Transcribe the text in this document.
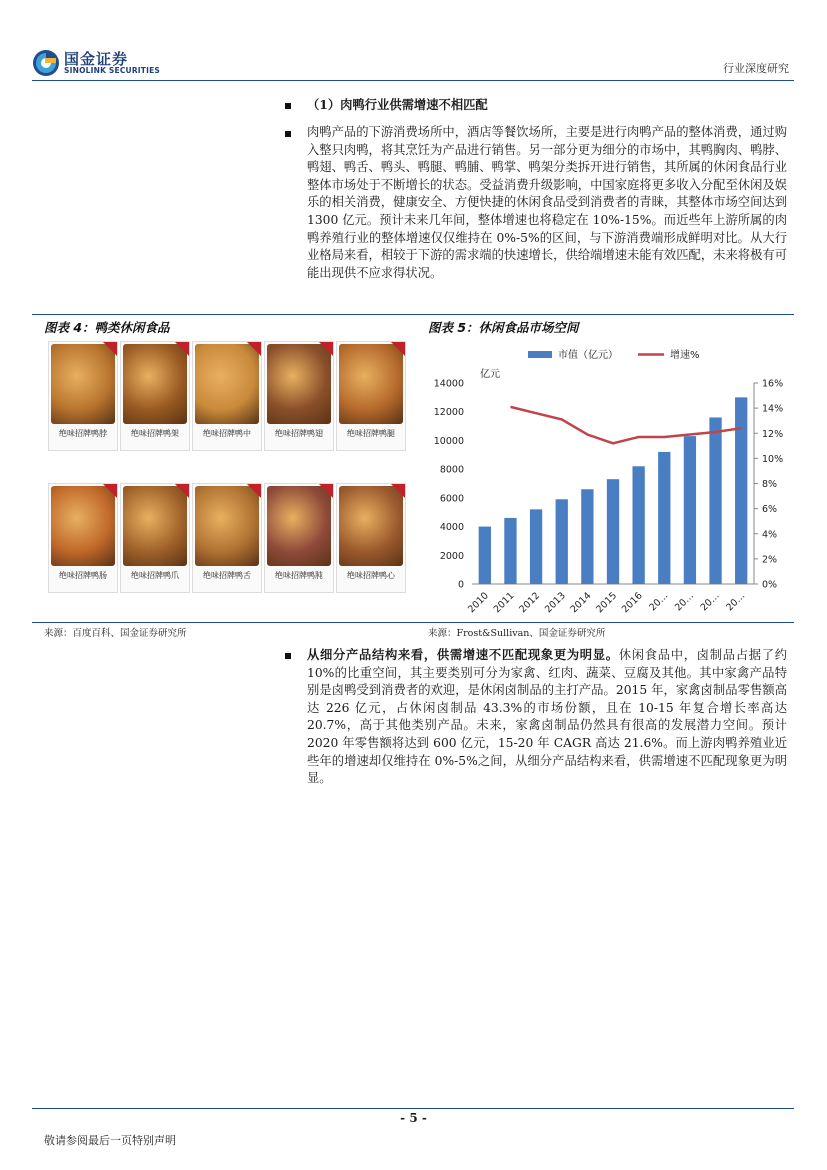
国金证券
SINOLINK SECURITIES	行业深度研究
（1）肉鸭行业供需增速不相匹配
肉鸭产品的下游消费场所中，酒店等餐饮场所，主要是进行肉鸭产品的整体消费，通过购入整只肉鸭，将其烹饪为产品进行销售。另一部分更为细分的市场中，其鸭胸肉、鸭脖、鸭翅、鸭舌、鸭头、鸭腿、鸭脯、鸭掌、鸭架分类拆开进行销售，其所属的休闲食品行业整体市场处于不断增长的状态。受益消费升级影响，中国家庭将更多收入分配至休闲及娱乐的相关消费，健康安全、方便快捷的休闲食品受到消费者的青睐，其整体市场空间达到 1300 亿元。预计未来几年间，整体增速也将稳定在 10%-15%。而近些年上游所属的肉鸭养殖行业的整体增速仅仅维持在 0%-5%的区间，与下游消费端形成鲜明对比。从大行业格局来看，相较于下游的需求端的快速增长，供给端增速未能有效匹配，未来将极有可能出现供不应求得状况。
图表 4：鸭类休闲食品	图表 5：休闲食品市场空间
绝味招牌鸭脖	绝味招牌鸭架	绝味招牌鸭中	绝味招牌鸭翅	绝味招牌鸭腿
绝味招牌鸭肠	绝味招牌鸭爪	绝味招牌鸭舌	绝味招牌鸭肫	绝味招牌鸭心
市值（亿元）	增速%
亿元
0
2000
4000
6000
8000
10000
12000
14000
0%
2%
4%
6%
8%
10%
12%
14%
16%
2010 2011 2012 2013 2014 2015 2016 20… 20… 20… 20…
来源：百度百科、国金证券研究所	来源：Frost&Sullivan、国金证券研究所
从细分产品结构来看，供需增速不匹配现象更为明显。休闲食品中，卤制品占据了约 10%的比重空间，其主要类别可分为家禽、红肉、蔬菜、豆腐及其他。其中家禽产品特别是卤鸭受到消费者的欢迎，是休闲卤制品的主打产品。2015 年，家禽卤制品零售额高达 226 亿元，占休闲卤制品 43.3%的市场份额，且在 10-15 年复合增长率高达 20.7%，高于其他类别产品。未来，家禽卤制品仍然具有很高的发展潜力空间。预计 2020 年零售额将达到 600 亿元，15-20 年 CAGR 高达 21.6%。而上游肉鸭养殖业近些年的增速却仅维持在 0%-5%之间，从细分产品结构来看，供需增速不匹配现象更为明显。
- 5 -
敬请参阅最后一页特别声明
